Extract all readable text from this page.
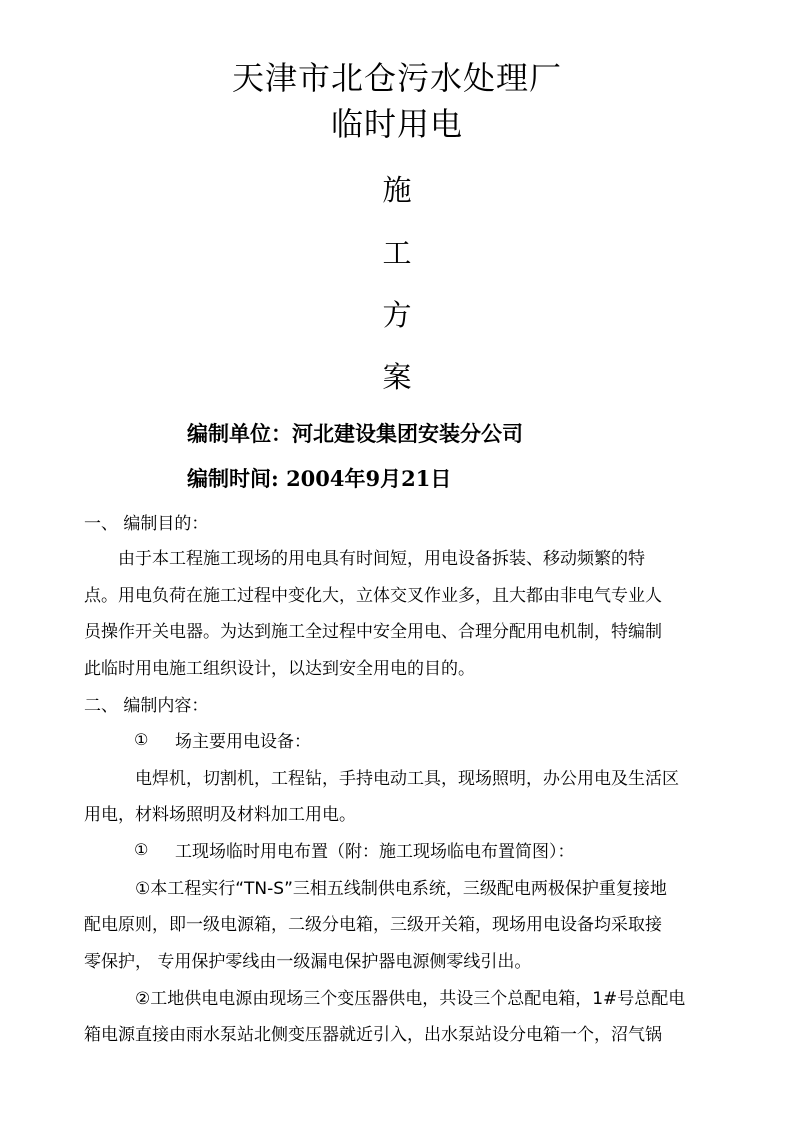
天津市北仓污水处理厂
临时用电
施
工
方
案
编制单位：河北建设集团安装分公司
编制时间: 2004年9月21日
一、 编制目的：
由于本工程施工现场的用电具有时间短，用电设备拆装、移动频繁的特
点。用电负荷在施工过程中变化大，立体交叉作业多，且大都由非电气专业人
员操作开关电器。为达到施工全过程中安全用电、合理分配用电机制，特编制
此临时用电施工组织设计，以达到安全用电的目的。
二、 编制内容：
① 场主要用电设备：
电焊机，切割机，工程钻，手持电动工具，现场照明，办公用电及生活区
用电，材料场照明及材料加工用电。
① 工现场临时用电布置（附：施工现场临电布置简图）：
①本工程实行“TN-S”三相五线制供电系统，三级配电两极保护重复接地
配电原则，即一级电源箱，二级分电箱，三级开关箱，现场用电设备均采取接
零保护， 专用保护零线由一级漏电保护器电源侧零线引出。
②工地供电电源由现场三个变压器供电，共设三个总配电箱，1#号总配电
箱电源直接由雨水泵站北侧变压器就近引入，出水泵站设分电箱一个，沼气锅
